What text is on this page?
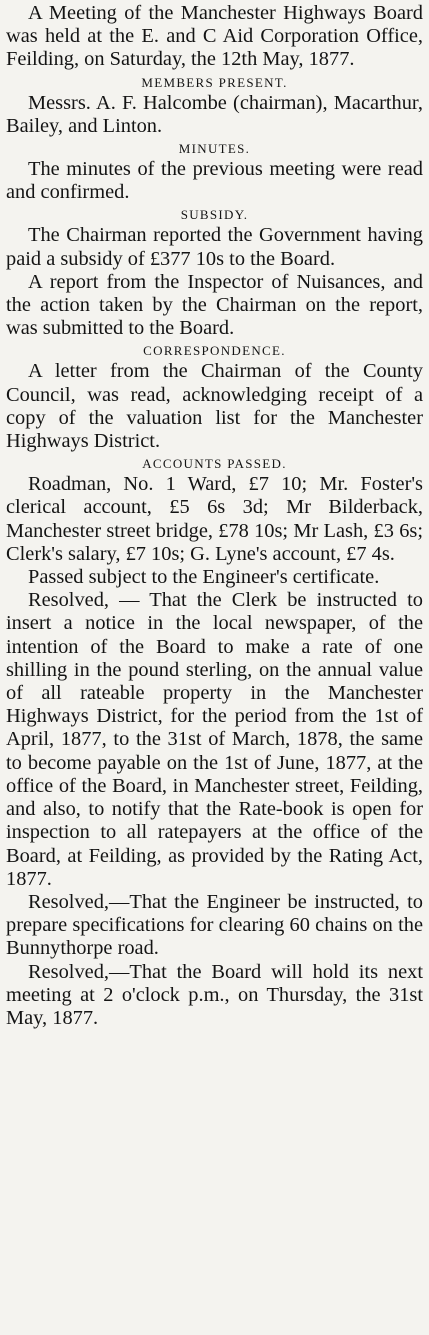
A Meeting of the Manchester Highways Board was held at the E. and C Aid Corporation Office, Feilding, on Saturday, the 12th May, 1877.

MEMBERS PRESENT.

Messrs. A. F. Halcombe (chairman), Macarthur, Bailey, and Linton.

MINUTES.

The minutes of the previous meeting were read and confirmed.

SUBSIDY.

The Chairman reported the Government having paid a subsidy of £377 10s to the Board.

A report from the Inspector of Nuisances, and the action taken by the Chairman on the report, was submitted to the Board.

CORRESPONDENCE.

A letter from the Chairman of the County Council, was read, acknowledging receipt of a copy of the valuation list for the Manchester Highways District.

ACCOUNTS PASSED.

Roadman, No. 1 Ward, £7 10; Mr. Foster's clerical account, £5 6s 3d; Mr Bilderback, Manchester street bridge, £78 10s; Mr Lash, £3 6s; Clerk's salary, £7 10s; G. Lyne's account, £7 4s.

Passed subject to the Engineer's certificate.

Resolved, — That the Clerk be instructed to insert a notice in the local newspaper, of the intention of the Board to make a rate of one shilling in the pound sterling, on the annual value of all rateable property in the Manchester Highways District, for the period from the 1st of April, 1877, to the 31st of March, 1878, the same to become payable on the 1st of June, 1877, at the office of the Board, in Manchester street, Feilding, and also, to notify that the Rate-book is open for inspection to all ratepayers at the office of the Board, at Feilding, as provided by the Rating Act, 1877.

Resolved,—That the Engineer be instructed, to prepare specifications for clearing 60 chains on the Bunnythorpe road.

Resolved,—That the Board will hold its next meeting at 2 o'clock p.m., on Thursday, the 31st May, 1877.
